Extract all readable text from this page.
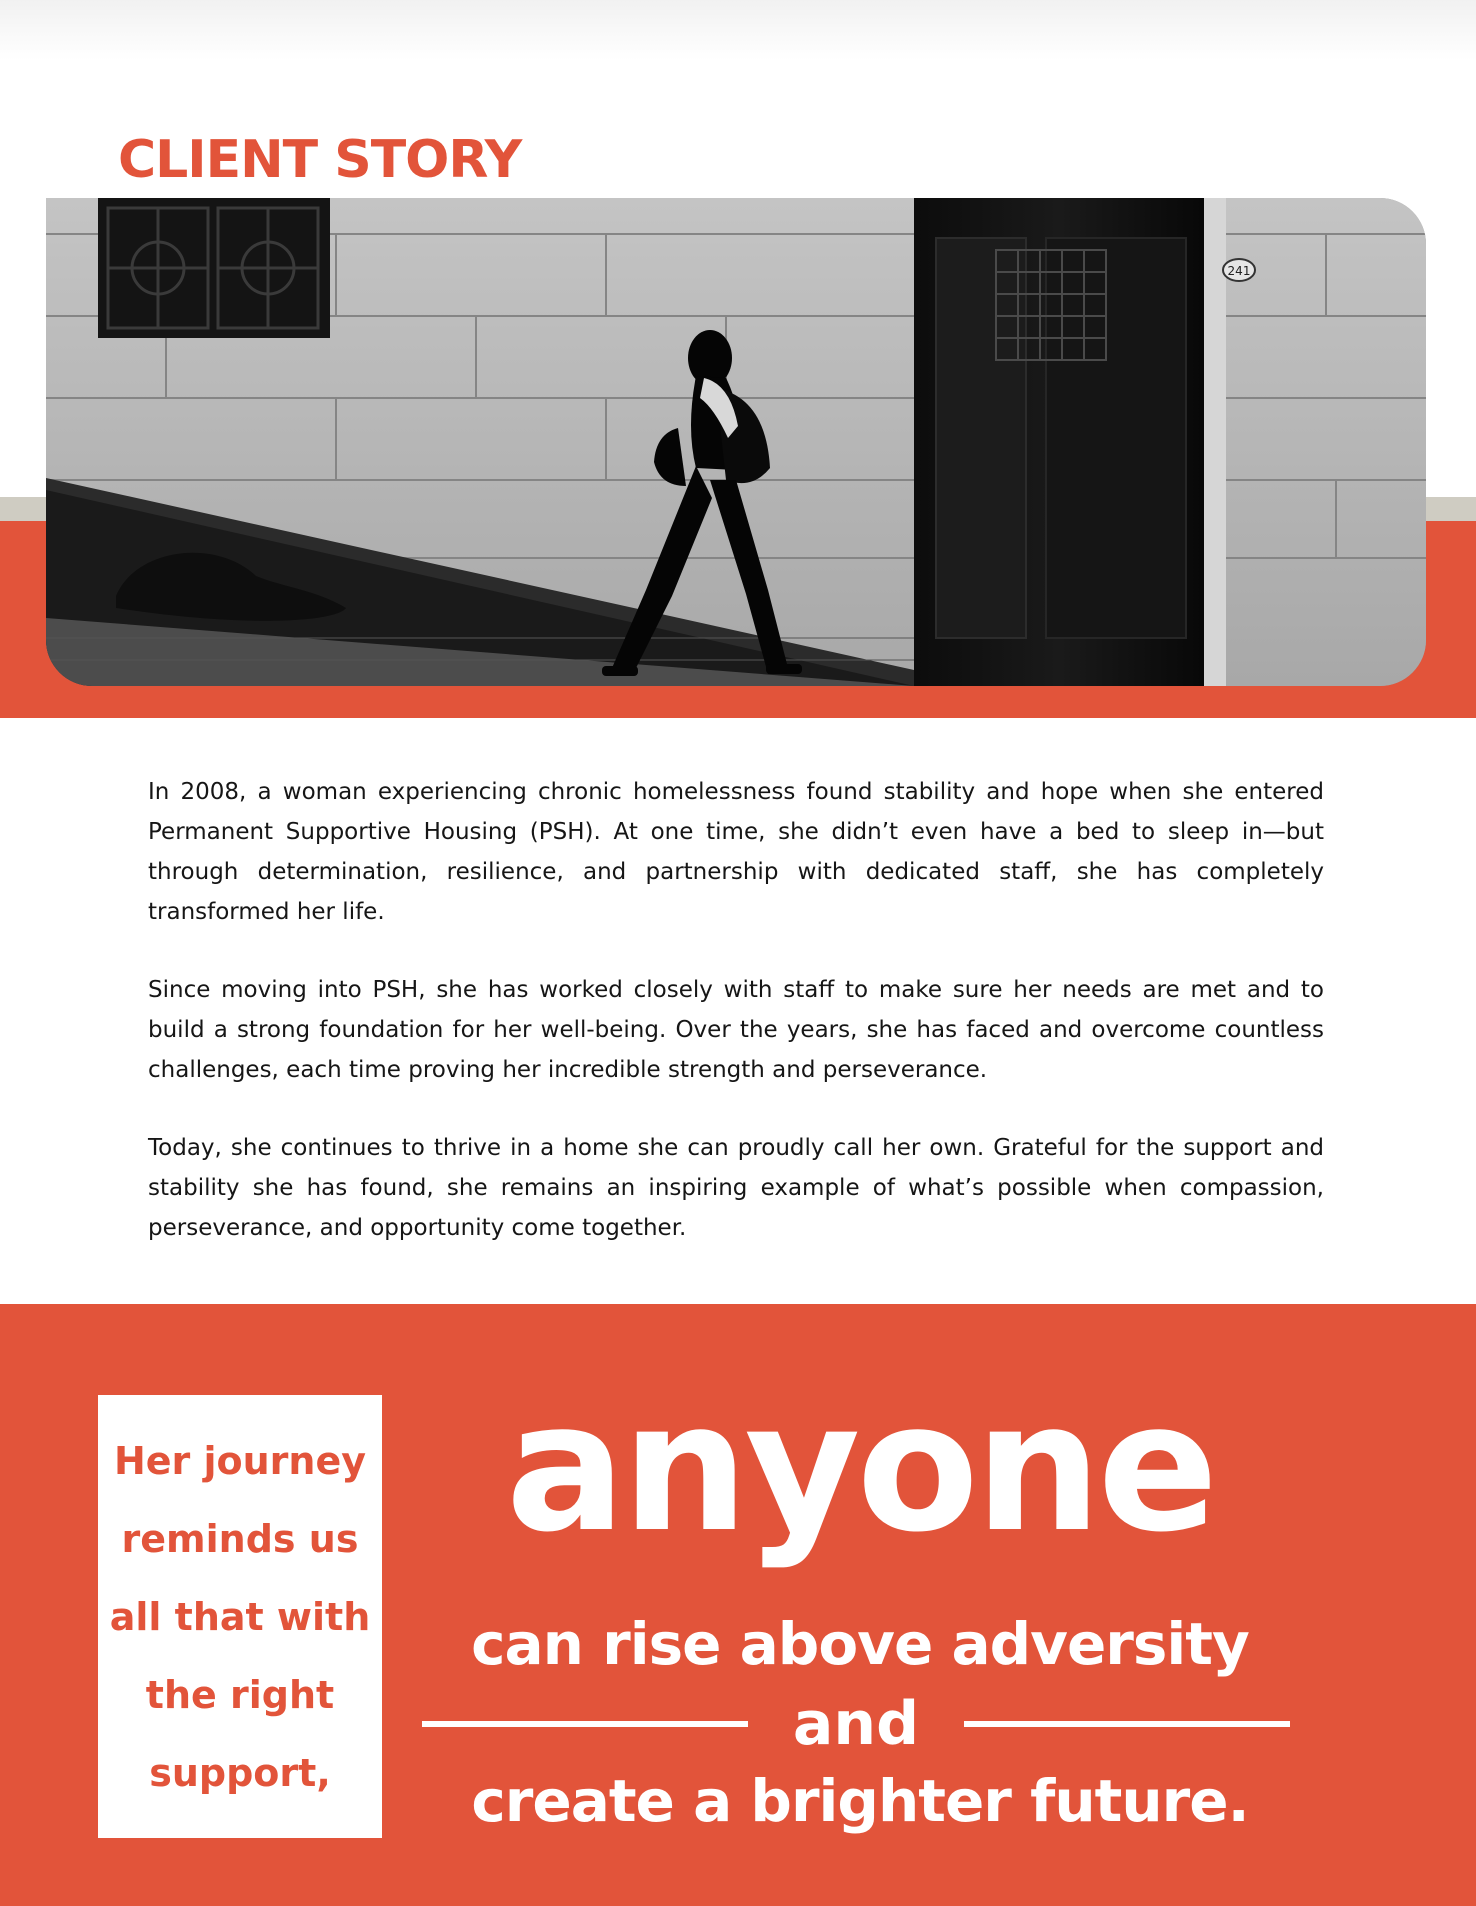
CLIENT STORY
241

In 2008, a woman experiencing chronic homelessness found stability and hope when she entered Permanent Supportive Housing (PSH). At one time, she didn’t even have a bed to sleep in—but through determination, resilience, and partnership with dedicated staff, she has completely transformed her life.

Since moving into PSH, she has worked closely with staff to make sure her needs are met and to build a strong foundation for her well-being. Over the years, she has faced and overcome countless challenges, each time proving her incredible strength and perseverance.

Today, she continues to thrive in a home she can proudly call her own. Grateful for the support and stability she has found, she remains an inspiring example of what’s possible when compassion, perseverance, and opportunity come together.

Her journey reminds us all that with the right support,
anyone
can rise above adversity
and
create a brighter future.
